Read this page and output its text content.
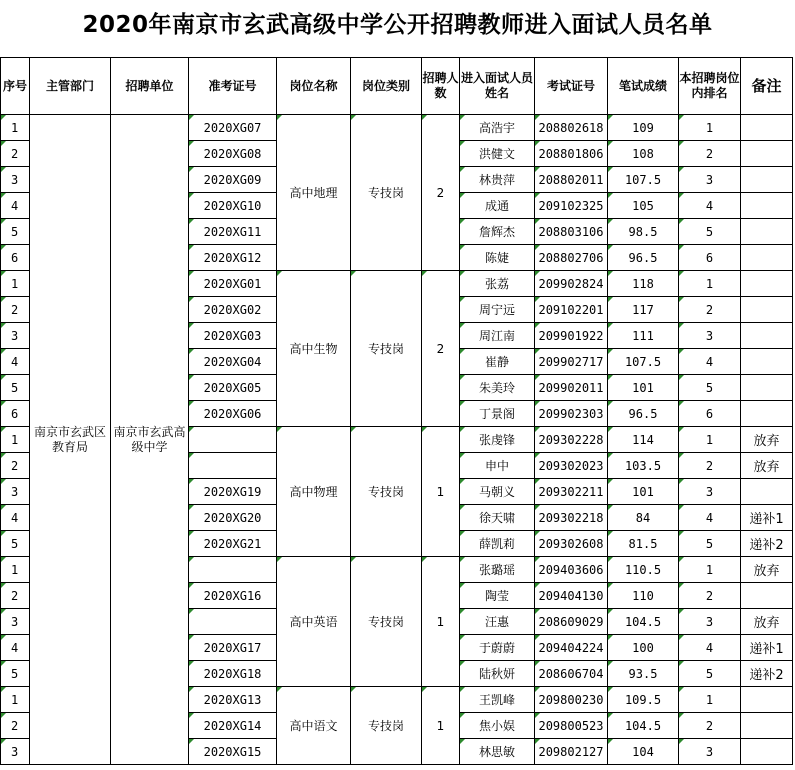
2020年南京市玄武高级中学公开招聘教师进入面试人员名单
序号	主管部门	招聘单位	准考证号	岗位名称	岗位类别	招聘人数	进入面试人员姓名	考试证号	笔试成绩	本招聘岗位内排名	备注
1	南京市玄武区教育局	南京市玄武高级中学	2020XG07	高中地理	专技岗	2	高浩宇	208802618	109	1	
2			2020XG08				洪健文	208801806	108	2	
3			2020XG09				林贵萍	208802011	107.5	3	
4			2020XG10				成通	209102325	105	4	
5			2020XG11				詹辉杰	208803106	98.5	5	
6			2020XG12				陈婕	208802706	96.5	6	
1			2020XG01	高中生物	专技岗	2	张荔	209902824	118	1	
2			2020XG02				周宁远	209102201	117	2	
3			2020XG03				周江南	209901922	111	3	
4			2020XG04				崔静	209902717	107.5	4	
5			2020XG05				朱美玲	209902011	101	5	
6			2020XG06				丁景阁	209902303	96.5	6	
1				高中物理	专技岗	1	张虔锋	209302228	114	1	放弃
2							申中	209302023	103.5	2	放弃
3			2020XG19				马朝义	209302211	101	3	
4			2020XG20				徐天啸	209302218	84	4	递补1
5			2020XG21				薛凯莉	209302608	81.5	5	递补2
1				高中英语	专技岗	1	张璐瑶	209403606	110.5	1	放弃
2			2020XG16				陶莹	209404130	110	2	
3							汪惠	208609029	104.5	3	放弃
4			2020XG17				于蔚蔚	209404224	100	4	递补1
5			2020XG18				陆秋妍	208606704	93.5	5	递补2
1			2020XG13	高中语文	专技岗	1	王凯峰	209800230	109.5	1	
2			2020XG14				焦小娱	209800523	104.5	2	
3			2020XG15				林思敏	209802127	104	3	
